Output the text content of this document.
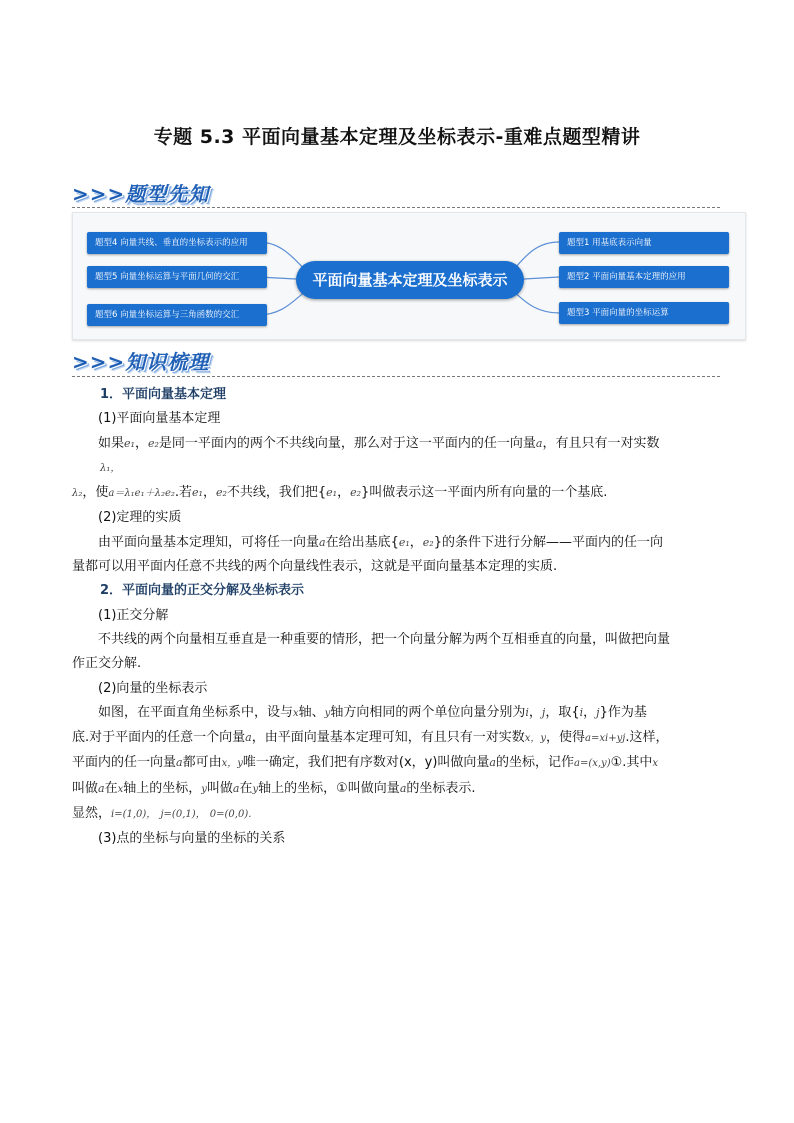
专题 5.3 平面向量基本定理及坐标表示-重难点题型精讲
>>>题型先知
题型4 向量共线、垂直的坐标表示的应用
题型5 向量坐标运算与平面几何的交汇
题型6 向量坐标运算与三角函数的交汇
平面向量基本定理及坐标表示
题型1 用基底表示向量
题型2 平面向量基本定理的应用
题型3 平面向量的坐标运算
>>>知识梳理
1．平面向量基本定理
(1)平面向量基本定理
如果e₁，e₂是同一平面内的两个不共线向量，那么对于这一平面内的任一向量a，有且只有一对实数
λ₁，
λ₂，使a＝λ₁e₁＋λ₂e₂.若e₁，e₂不共线，我们把{e₁，e₂}叫做表示这一平面内所有向量的一个基底.
(2)定理的实质
由平面向量基本定理知，可将任一向量a在给出基底{e₁，e₂}的条件下进行分解——平面内的任一向
量都可以用平面内任意不共线的两个向量线性表示，这就是平面向量基本定理的实质.
2．平面向量的正交分解及坐标表示
(1)正交分解
不共线的两个向量相互垂直是一种重要的情形，把一个向量分解为两个互相垂直的向量，叫做把向量
作正交分解.
(2)向量的坐标表示
如图，在平面直角坐标系中，设与x轴、y轴方向相同的两个单位向量分别为i，j，取{i，j}作为基
底.对于平面内的任意一个向量a，由平面向量基本定理可知，有且只有一对实数x，y，使得a=xi+yj.这样，
平面内的任一向量a都可由x，y唯一确定，我们把有序数对(x，y)叫做向量a的坐标，记作a=(x,y)①.其中x
叫做a在x轴上的坐标，y叫做a在y轴上的坐标，①叫做向量a的坐标表示.
显然，i=(1,0)， j=(0,1)， 0=(0,0).
(3)点的坐标与向量的坐标的关系
